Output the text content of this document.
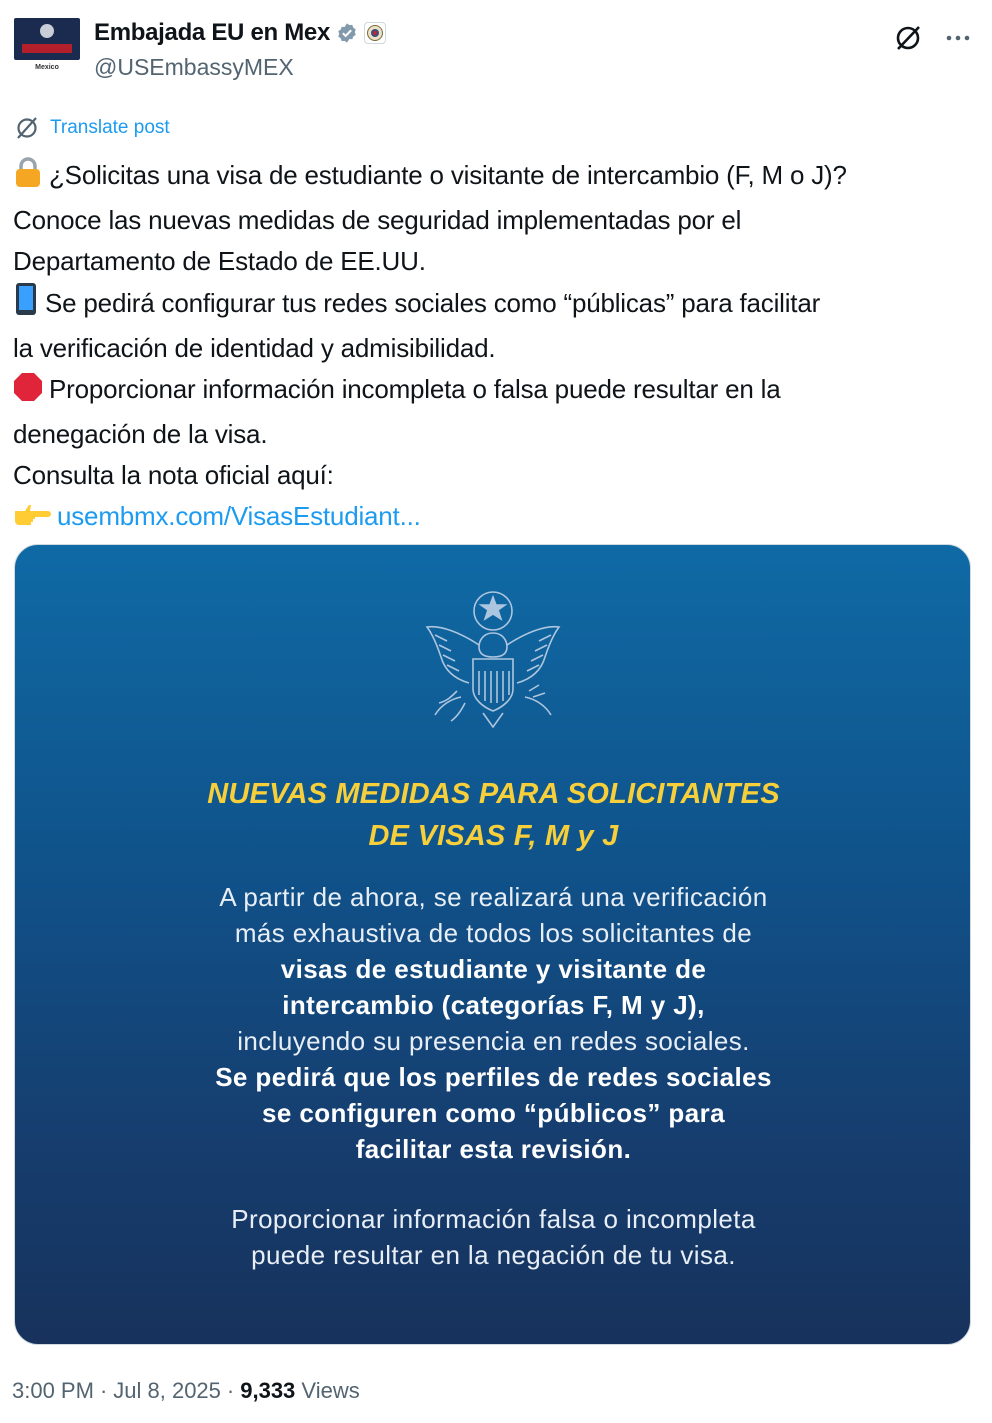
Mexico
Embajada EU en Mex
@USEmbassyMEX
Translate post

¿Solicitas una visa de estudiante o visitante de intercambio (F, M o J)?

Conoce las nuevas medidas de seguridad implementadas por el

Departamento de Estado de EE.UU.

Se pedirá configurar tus redes sociales como “públicas” para facilitar

la verificación de identidad y admisibilidad.

Proporcionar información incompleta o falsa puede resultar en la

denegación de la visa.

Consulta la nota oficial aquí:

usembmx.com/VisasEstudiant...

NUEVAS MEDIDAS PARA SOLICITANTES
DE VISAS F, M y J
A partir de ahora, se realizará una verificación
más exhaustiva de todos los solicitantes de
visas de estudiante y visitante de
intercambio (categorías F, M y J),
incluyendo su presencia en redes sociales.
Se pedirá que los perfiles de redes sociales
se configuren como “públicos” para
facilitar esta revisión.
Proporcionar información falsa o incompleta
puede resultar en la negación de tu visa.
3:00 PM · Jul 8, 2025 · 9,333 Views
